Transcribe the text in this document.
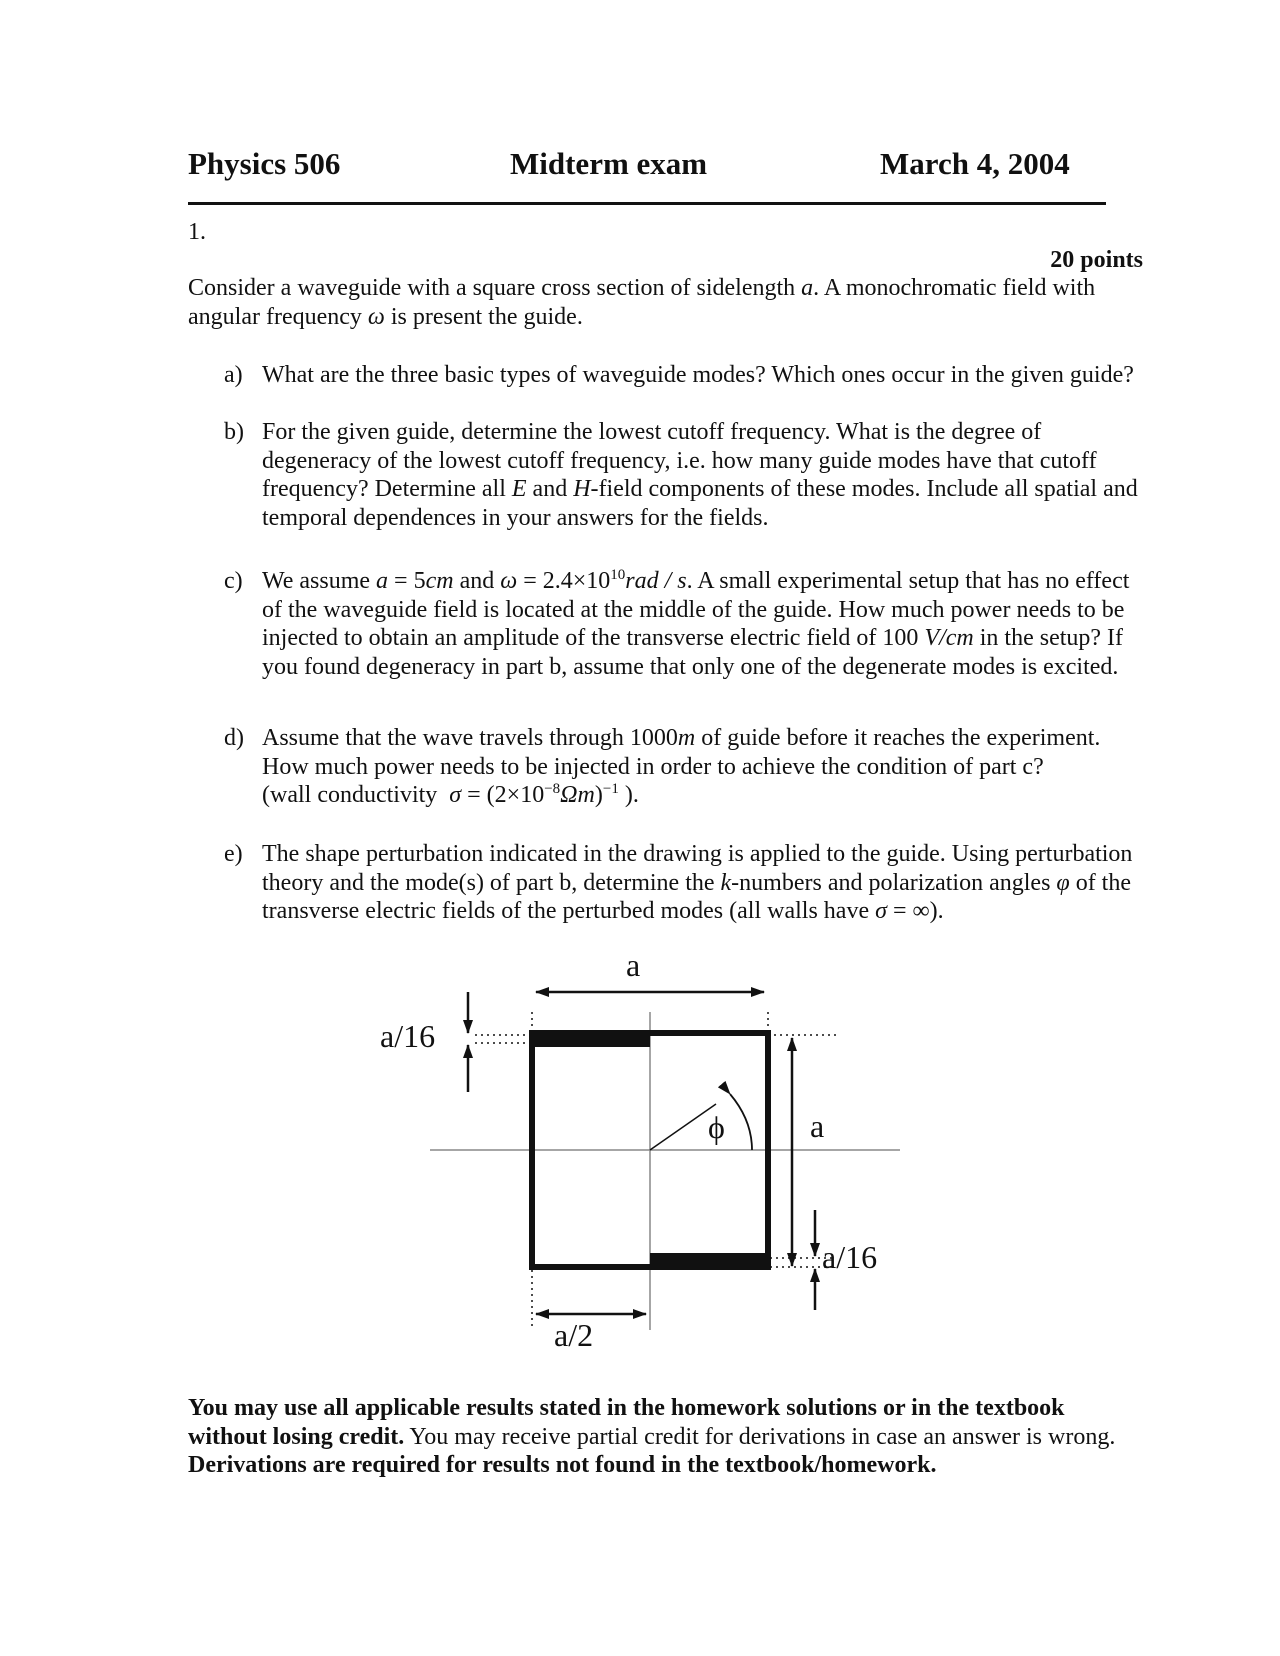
Physics 506	Midterm exam	March 4, 2004
1.
20 points
Consider a waveguide with a square cross section of sidelength a. A monochromatic field with angular frequency ω is present the guide.
a) What are the three basic types of waveguide modes? Which ones occur in the given guide?
b) For the given guide, determine the lowest cutoff frequency. What is the degree of degeneracy of the lowest cutoff frequency, i.e. how many guide modes have that cutoff frequency? Determine all E and H-field components of these modes. Include all spatial and temporal dependences in your answers for the fields.
c) We assume a = 5cm and $\omega = 2.4\times 10^{10}rad / s$. A small experimental setup that has no effect of the waveguide field is located at the middle of the guide. How much power needs to be injected to obtain an amplitude of the transverse electric field of 100 V/cm in the setup? If you found degeneracy in part b, assume that only one of the degenerate modes is excited.
d) Assume that the wave travels through 1000m of guide before it reaches the experiment. How much power needs to be injected in order to achieve the condition of part c?
(wall conductivity $\sigma = (2\times 10^{-8}\Omega m)^{-1}$ ).
e) The shape perturbation indicated in the drawing is applied to the guide. Using perturbation theory and the mode(s) of part b, determine the k-numbers and polarization angles φ of the transverse electric fields of the perturbed modes (all walls have σ = ∞).
a
a
a/16
a/16
a/2
ϕ
You may use all applicable results stated in the homework solutions or in the textbook without losing credit. You may receive partial credit for derivations in case an answer is wrong. Derivations are required for results not found in the textbook/homework.
